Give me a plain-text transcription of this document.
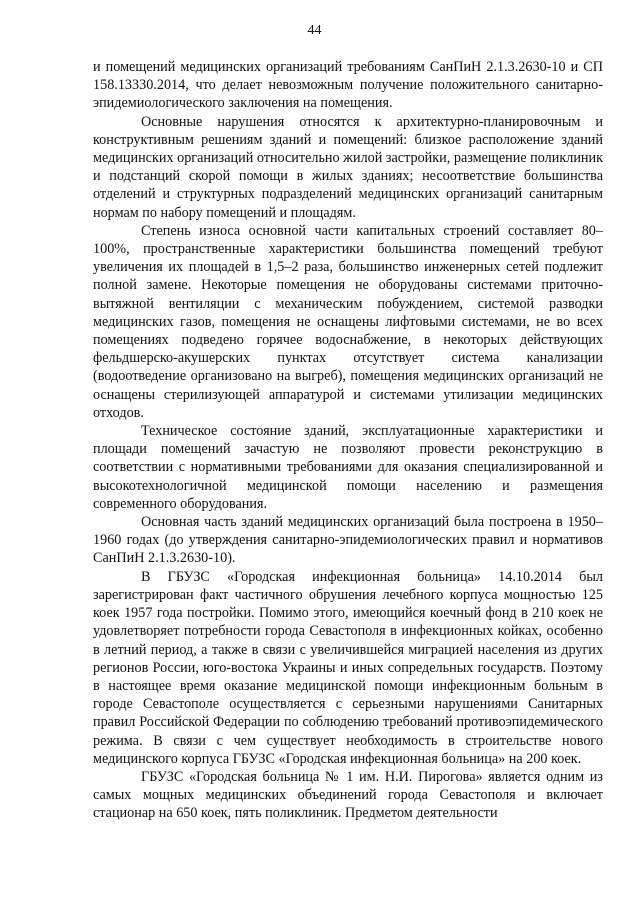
44

и помещений медицинских организаций требованиям СанПиН 2.1.3.2630-10 и СП 158.13330.2014, что делает невозможным получение положительного санитарно-эпидемиологического заключения на помещения.

Основные нарушения относятся к архитектурно-планировочным и конструктивным решениям зданий и помещений: близкое расположение зданий медицинских организаций относительно жилой застройки, размещение поликлиник и подстанций скорой помощи в жилых зданиях; несоответствие большинства отделений и структурных подразделений медицинских организаций санитарным нормам по набору помещений и площадям.

Степень износа основной части капитальных строений составляет 80–100%, пространственные характеристики большинства помещений требуют увеличения их площадей в 1,5–2 раза, большинство инженерных сетей подлежит полной замене. Некоторые помещения не оборудованы системами приточно-вытяжной вентиляции с механическим побуждением, системой разводки медицинских газов, помещения не оснащены лифтовыми системами, не во всех помещениях подведено горячее водоснабжение, в некоторых действующих фельдшерско-акушерских пунктах отсутствует система канализации (водоотведение организовано на выгреб), помещения медицинских организаций не оснащены стерилизующей аппаратурой и системами утилизации медицинских отходов.

Техническое состояние зданий, эксплуатационные характеристики и площади помещений зачастую не позволяют провести реконструкцию в соответствии с нормативными требованиями для оказания специализированной и высокотехнологичной медицинской помощи населению и размещения современного оборудования.

Основная часть зданий медицинских организаций была построена в 1950–1960 годах (до утверждения санитарно-эпидемиологических правил и нормативов СанПиН 2.1.3.2630-10).

В ГБУЗС «Городская инфекционная больница» 14.10.2014 был зарегистрирован факт частичного обрушения лечебного корпуса мощностью 125 коек 1957 года постройки. Помимо этого, имеющийся коечный фонд в 210 коек не удовлетворяет потребности города Севастополя в инфекционных койках, особенно в летний период, а также в связи с увеличившейся миграцией населения из других регионов России, юго-востока Украины и иных сопредельных государств. Поэтому в настоящее время оказание медицинской помощи инфекционным больным в городе Севастополе осуществляется с серьезными нарушениями Санитарных правил Российской Федерации по соблюдению требований противоэпидемического режима. В связи с чем существует необходимость в строительстве нового медицинского корпуса ГБУЗС «Городская инфекционная больница» на 200 коек.

ГБУЗС «Городская больница № 1 им. Н.И. Пирогова» является одним из самых мощных медицинских объединений города Севастополя и включает стационар на 650 коек, пять поликлиник. Предметом деятельности
